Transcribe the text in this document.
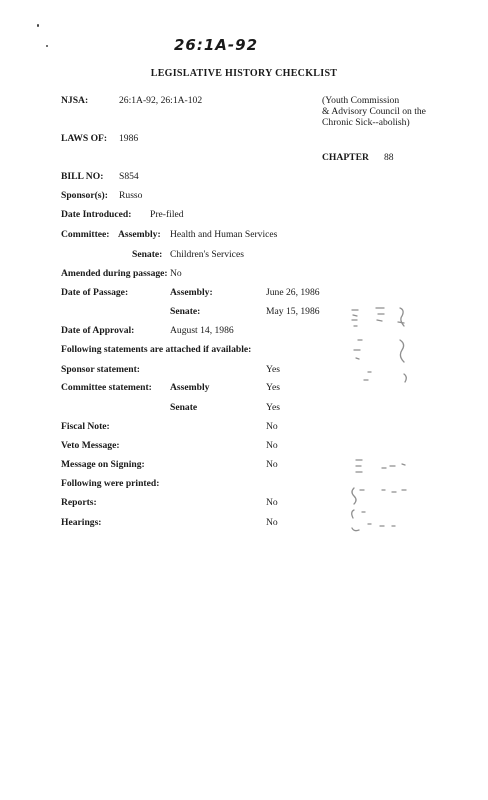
26:1A-92
LEGISLATIVE HISTORY CHECKLIST
NJSA:	26:1A-92, 26:1A-102	(Youth Commission
& Advisory Council on the
Chronic Sick--abolish)
LAWS OF: 1986
CHAPTER 88
BILL NO: S854
Sponsor(s): Russo
Date Introduced: Pre-filed
Committee: Assembly: Health and Human Services
Senate: Children's Services
Amended during passage: No
Date of Passage:	Assembly:	June 26, 1986
Senate:	May 15, 1986
Date of Approval:	August 14, 1986
Following statements are attached if available:
Sponsor statement:	Yes
Committee statement: Assembly	Yes
Senate	Yes
Fiscal Note:	No
Veto Message:	No
Message on Signing:	No
Following were printed:
Reports:	No
Hearings:	No
